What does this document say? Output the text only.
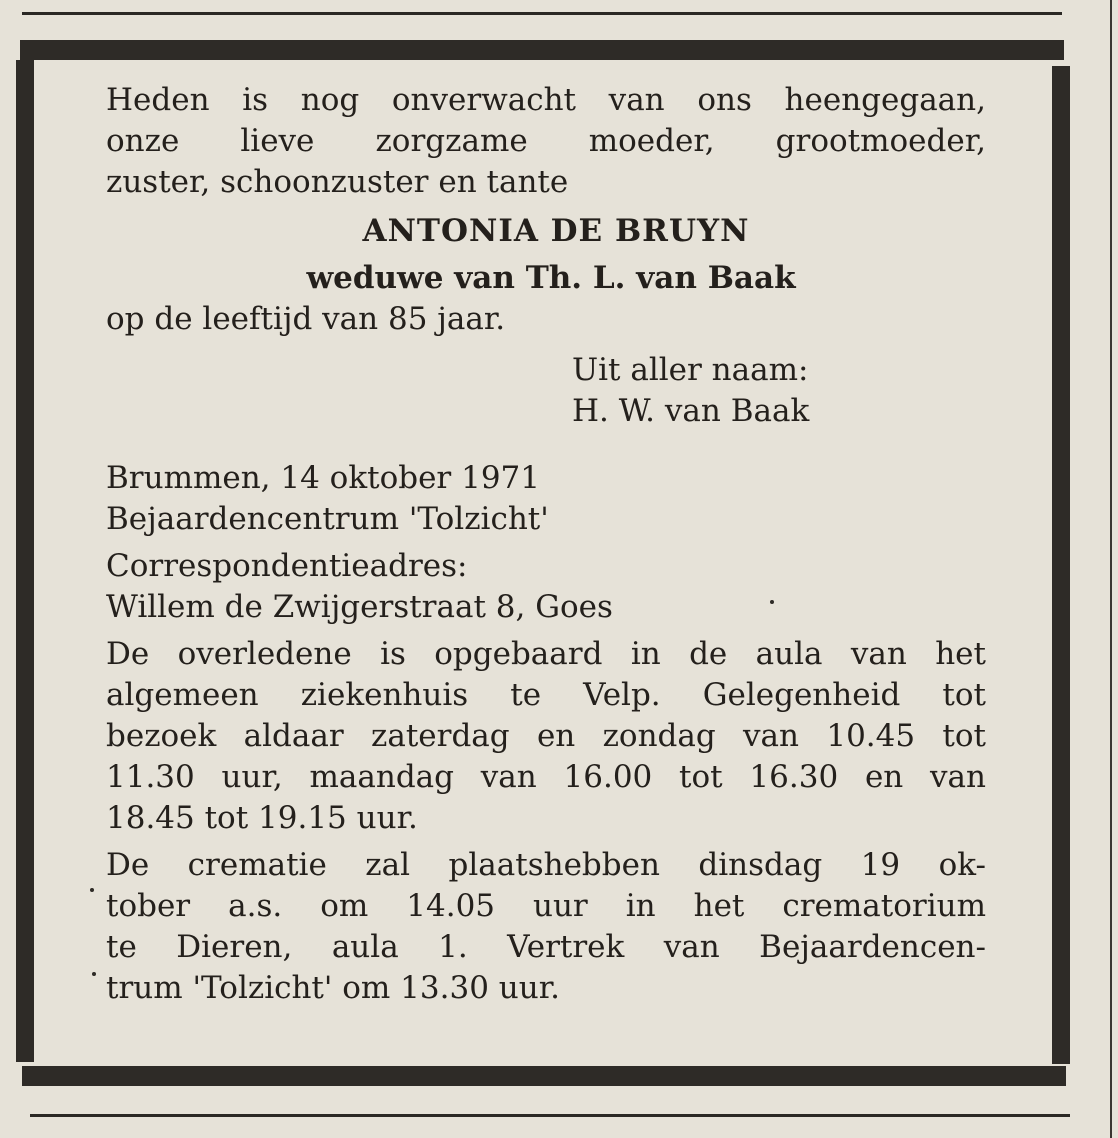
Heden is nog onverwacht van ons heengegaan,

onze lieve zorgzame moeder, grootmoeder,

zuster, schoonzuster en tante

ANTONIA DE BRUYN

weduwe van Th. L. van Baak

op de leeftijd van 85 jaar.

Uit aller naam:

H. W. van Baak

Brummen, 14 oktober 1971

Bejaardencentrum 'Tolzicht'

Correspondentieadres:

Willem de Zwijgerstraat 8, Goes

De overledene is opgebaard in de aula van het

algemeen ziekenhuis te Velp. Gelegenheid tot

bezoek aldaar zaterdag en zondag van 10.45 tot

11.30 uur, maandag van 16.00 tot 16.30 en van

18.45 tot 19.15 uur.

De crematie zal plaatshebben dinsdag 19 ok-

tober a.s. om 14.05 uur in het crematorium

te Dieren, aula 1. Vertrek van Bejaardencen-

trum 'Tolzicht' om 13.30 uur.
